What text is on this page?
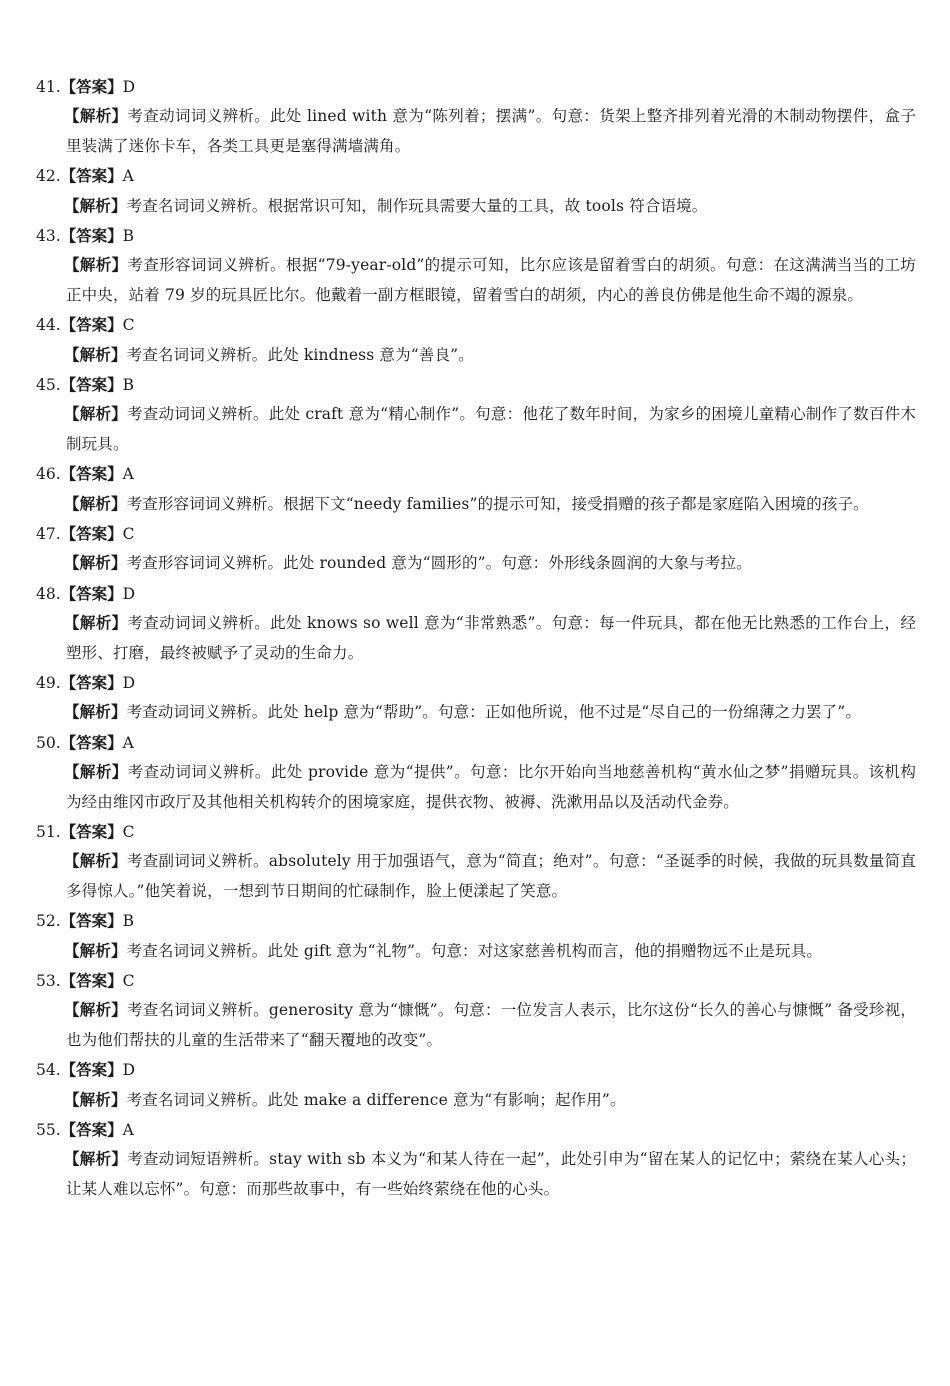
41.【答案】D
【解析】考查动词词义辨析。此处 lined with 意为“陈列着；摆满”。句意：货架上整齐排列着光滑的木制动物摆件，盒子里装满了迷你卡车，各类工具更是塞得满墙满角。
42.【答案】A
【解析】考查名词词义辨析。根据常识可知，制作玩具需要大量的工具，故 tools 符合语境。
43.【答案】B
【解析】考查形容词词义辨析。根据“79-year-old”的提示可知，比尔应该是留着雪白的胡须。句意：在这满满当当的工坊正中央，站着 79 岁的玩具匠比尔。他戴着一副方框眼镜，留着雪白的胡须，内心的善良仿佛是他生命不竭的源泉。
44.【答案】C
【解析】考查名词词义辨析。此处 kindness 意为“善良”。
45.【答案】B
【解析】考查动词词义辨析。此处 craft 意为“精心制作”。句意：他花了数年时间，为家乡的困境儿童精心制作了数百件木制玩具。
46.【答案】A
【解析】考查形容词词义辨析。根据下文“needy families”的提示可知，接受捐赠的孩子都是家庭陷入困境的孩子。
47.【答案】C
【解析】考查形容词词义辨析。此处 rounded 意为“圆形的”。句意：外形线条圆润的大象与考拉。
48.【答案】D
【解析】考查动词词义辨析。此处 knows so well 意为“非常熟悉”。句意：每一件玩具，都在他无比熟悉的工作台上，经塑形、打磨，最终被赋予了灵动的生命力。
49.【答案】D
【解析】考查动词词义辨析。此处 help 意为“帮助”。句意：正如他所说，他不过是“尽自己的一份绵薄之力罢了”。
50.【答案】A
【解析】考查动词词义辨析。此处 provide 意为“提供”。句意：比尔开始向当地慈善机构“黄水仙之梦”捐赠玩具。该机构为经由维冈市政厅及其他相关机构转介的困境家庭，提供衣物、被褥、洗漱用品以及活动代金券。
51.【答案】C
【解析】考查副词词义辨析。absolutely 用于加强语气，意为“简直；绝对”。句意：“圣诞季的时候，我做的玩具数量简直多得惊人。”他笑着说，一想到节日期间的忙碌制作，脸上便漾起了笑意。
52.【答案】B
【解析】考查名词词义辨析。此处 gift 意为“礼物”。句意：对这家慈善机构而言，他的捐赠物远不止是玩具。
53.【答案】C
【解析】考查名词词义辨析。generosity 意为“慷慨”。句意：一位发言人表示，比尔这份“长久的善心与慷慨” 备受珍视，也为他们帮扶的儿童的生活带来了“翻天覆地的改变”。
54.【答案】D
【解析】考查名词词义辨析。此处 make a difference 意为“有影响；起作用”。
55.【答案】A
【解析】考查动词短语辨析。stay with sb 本义为“和某人待在一起”，此处引申为“留在某人的记忆中；萦绕在某人心头；让某人难以忘怀”。句意：而那些故事中，有一些始终萦绕在他的心头。
